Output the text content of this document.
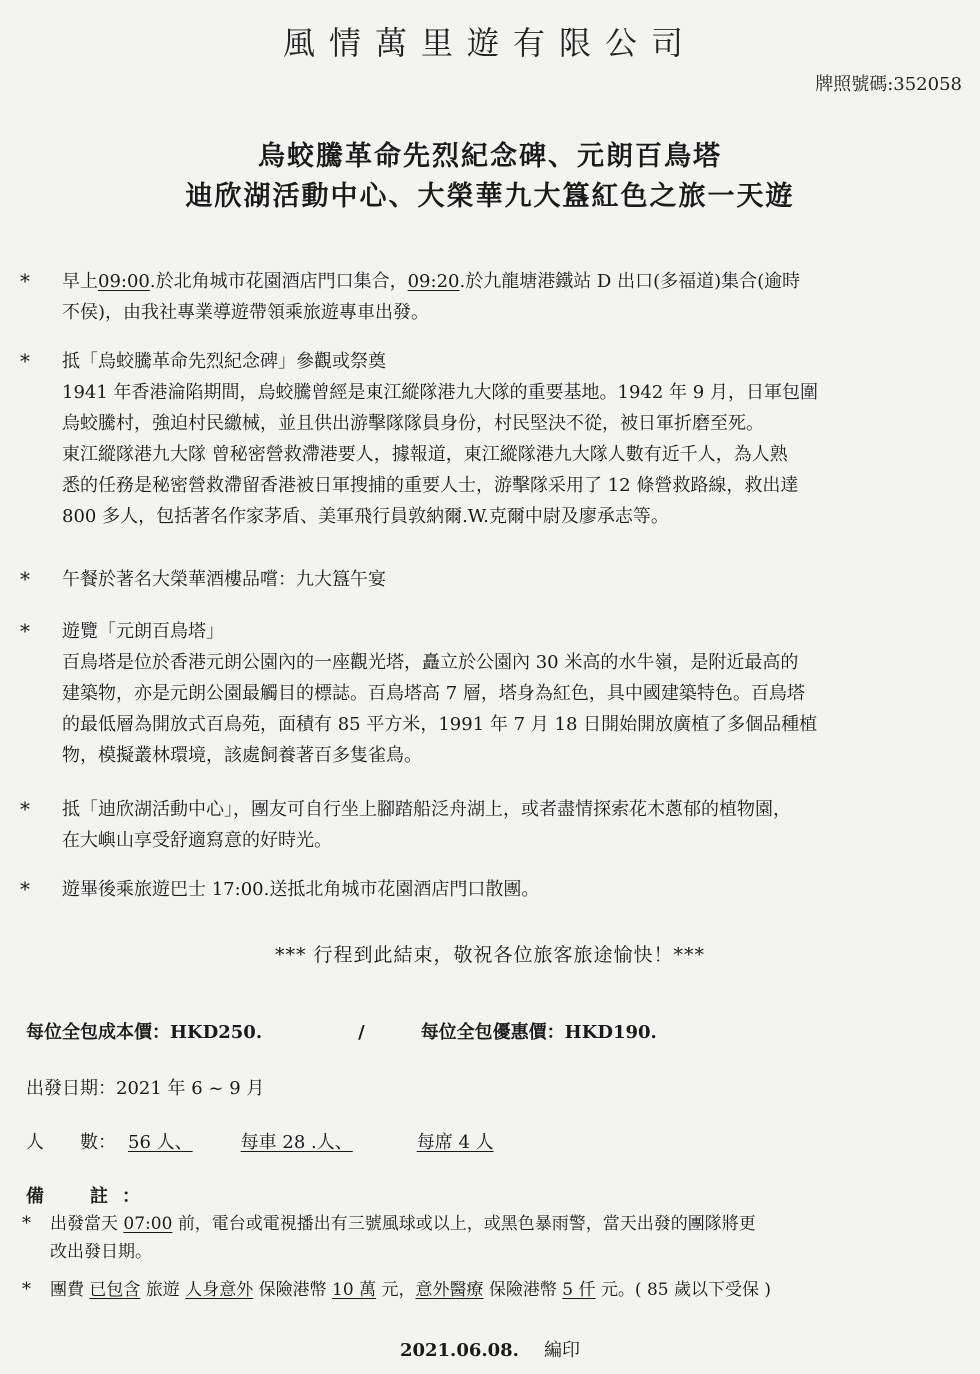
風情萬里遊有限公司
牌照號碼:352058
烏蛟騰革命先烈紀念碑、元朗百鳥塔
迪欣湖活動中心、大榮華九大簋紅色之旅一天遊
*	早上09:00.於北角城市花園酒店門口集合，09:20.於九龍塘港鐵站 D 出口(多福道)集合(逾時
不侯)，由我社專業導遊帶領乘旅遊專車出發。
*	抵「烏蛟騰革命先烈紀念碑」參觀或祭奠
1941 年香港淪陷期間，烏蛟騰曾經是東江縱隊港九大隊的重要基地。1942 年 9 月，日軍包圍
烏蛟騰村，強迫村民繳械，並且供出游擊隊隊員身份，村民堅決不從，被日軍折磨至死。
東江縱隊港九大隊 曾秘密營救滯港要人，據報道，東江縱隊港九大隊人數有近千人，為人熟
悉的任務是秘密營救滯留香港被日軍搜捕的重要人士，游擊隊采用了 12 條營救路線，救出達
800 多人，包括著名作家茅盾、美軍飛行員敦納爾.W.克爾中尉及廖承志等。
*	午餐於著名大榮華酒樓品嚐：九大簋午宴
*	遊覽「元朗百鳥塔」
百鳥塔是位於香港元朗公園內的一座觀光塔，矗立於公園內 30 米高的水牛嶺，是附近最高的
建築物，亦是元朗公園最觸目的標誌。百鳥塔高 7 層，塔身為紅色，具中國建築特色。百鳥塔
的最低層為開放式百鳥苑，面積有 85 平方米，1991 年 7 月 18 日開始開放廣植了多個品種植
物，模擬叢林環境，該處飼養著百多隻雀鳥。
*	抵「迪欣湖活動中心」，團友可自行坐上腳踏船泛舟湖上，或者盡情探索花木蔥郁的植物園，
在大嶼山享受舒適寫意的好時光。
*	遊畢後乘旅遊巴士 17:00.送抵北角城市花園酒店門口散團。
*** 行程到此結束，敬祝各位旅客旅途愉快！***
每位全包成本價：HKD250.	/	每位全包優惠價：HKD190.
出發日期：2021 年 6 ~ 9 月
人　　數： 56 人、	每車 28 .人、	每席 4 人
備　註：
*	出發當天 07:00 前，電台或電視播出有三號風球或以上，或黑色暴雨警，當天出發的團隊將更
改出發日期。
*	團費 已包含 旅遊 人身意外 保險港幣 10 萬 元，意外醫療 保險港幣 5 仟 元。( 85 歲以下受保 )
2021.06.08. 編印
